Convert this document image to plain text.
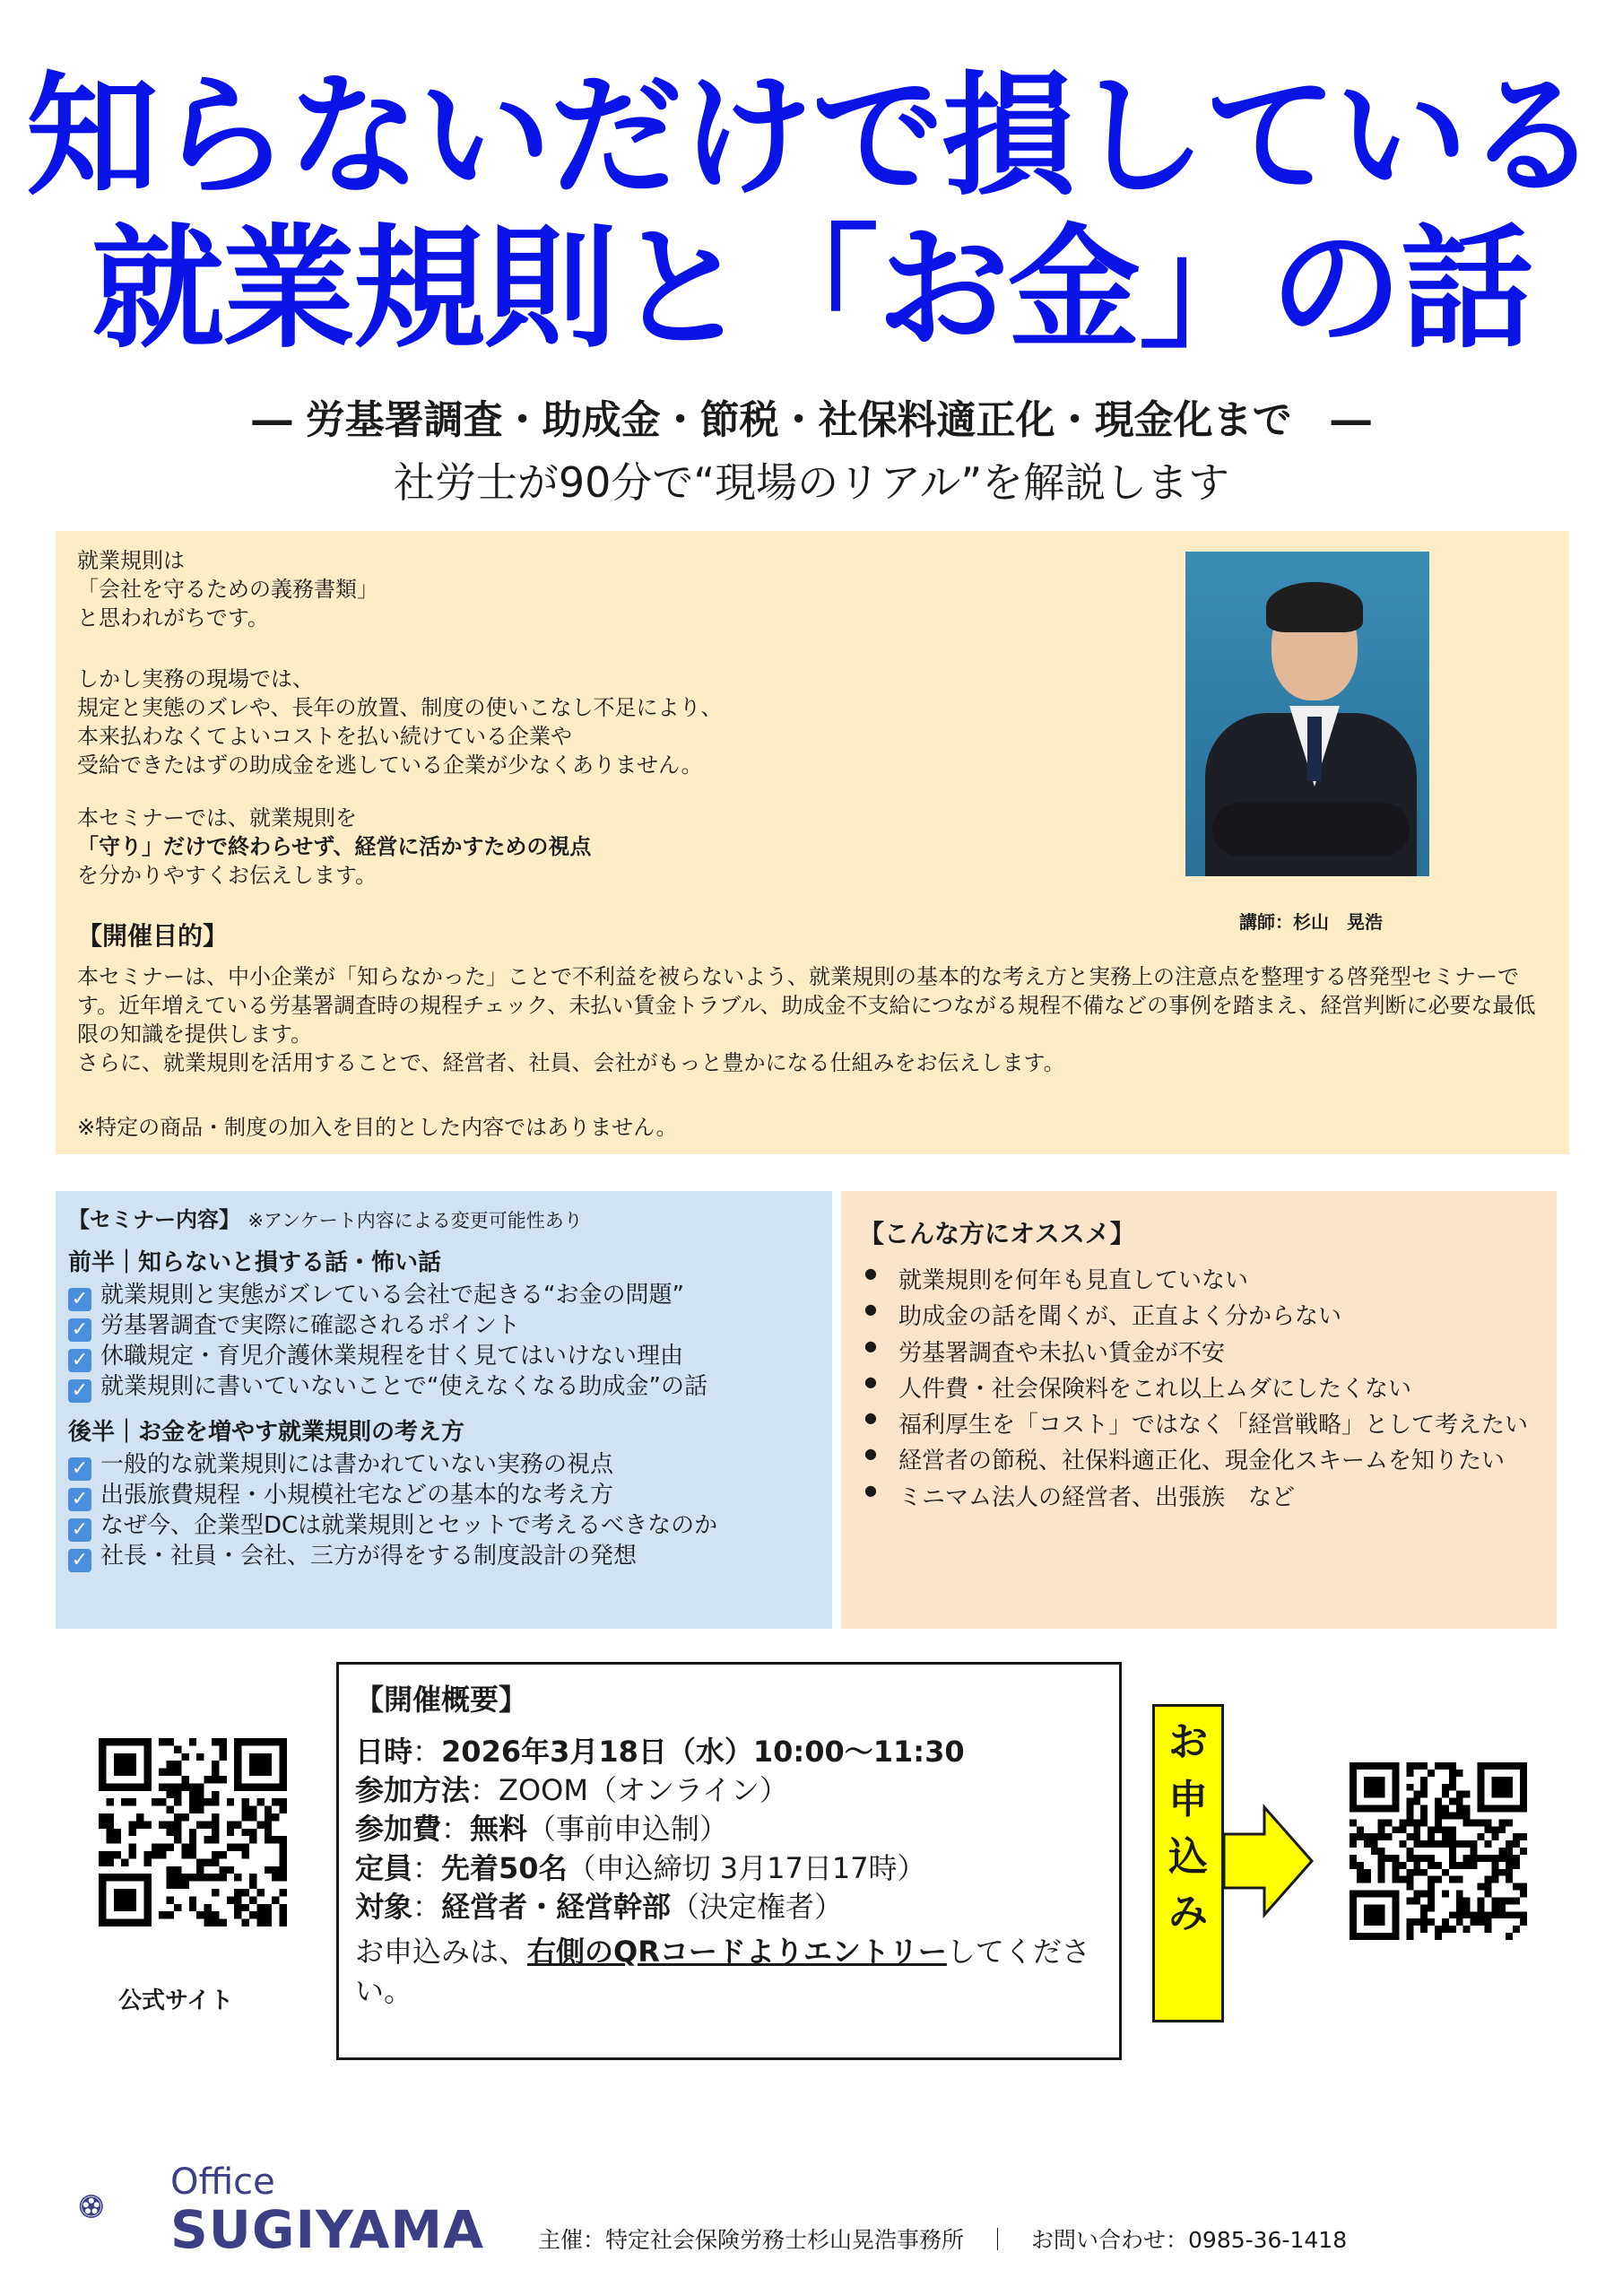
知らないだけで損している
就業規則と「お金」の話
― 労基署調査・助成金・節税・社保料適正化・現金化まで　―
社労士が90分で“現場のリアル”を解説します

就業規則は

「会社を守るための義務書類」

と思われがちです。

しかし実務の現場では、

規定と実態のズレや、長年の放置、制度の使いこなし不足により、

本来払わなくてよいコストを払い続けている企業や

受給できたはずの助成金を逃している企業が少なくありません。

本セミナーでは、就業規則を

「守り」だけで終わらせず、経営に活かすための視点

を分かりやすくお伝えします。

講師：杉山　晃浩
【開催目的】

本セミナーは、中小企業が「知らなかった」ことで不利益を被らないよう、就業規則の基本的な考え方と実務上の注意点を整理する啓発型セミナーです。近年増えている労基署調査時の規程チェック、未払い賃金トラブル、助成金不支給につながる規程不備などの事例を踏まえ、経営判断に必要な最低限の知識を提供します。

さらに、就業規則を活用することで、経営者、社員、会社がもっと豊かになる仕組みをお伝えします。

※特定の商品・制度の加入を目的とした内容ではありません。
【セミナー内容】 ※アンケート内容による変更可能性あり
前半｜知らないと損する話・怖い話
✓ 就業規則と実態がズレている会社で起きる“お金の問題”
✓ 労基署調査で実際に確認されるポイント
✓ 休職規定・育児介護休業規程を甘く見てはいけない理由
✓ 就業規則に書いていないことで“使えなくなる助成金”の話
後半｜お金を増やす就業規則の考え方
✓ 一般的な就業規則には書かれていない実務の視点
✓ 出張旅費規程・小規模社宅などの基本的な考え方
✓ なぜ今、企業型DCは就業規則とセットで考えるべきなのか
✓ 社長・社員・会社、三方が得をする制度設計の発想
【こんな方にオススメ】
● 就業規則を何年も見直していない
● 助成金の話を聞くが、正直よく分からない
● 労基署調査や未払い賃金が不安
● 人件費・社会保険料をこれ以上ムダにしたくない
● 福利厚生を「コスト」ではなく「経営戦略」として考えたい
● 経営者の節税、社保料適正化、現金化スキームを知りたい
● ミニマム法人の経営者、出張族　など
公式サイト
【開催概要】
日時：2026年3月18日（水）10:00～11:30
参加方法：ZOOM（オンライン）
参加費：無料（事前申込制）
定員：先着50名（申込締切 3月17日17時）
対象：経営者・経営幹部（決定権者）
お申込みは、右側のQRコードよりエントリーしてください。
お
申
込
み
Office
SUGIYAMA 主催：特定社会保険労務士杉山晃浩事務所　｜　お問い合わせ：0985-36-1418
